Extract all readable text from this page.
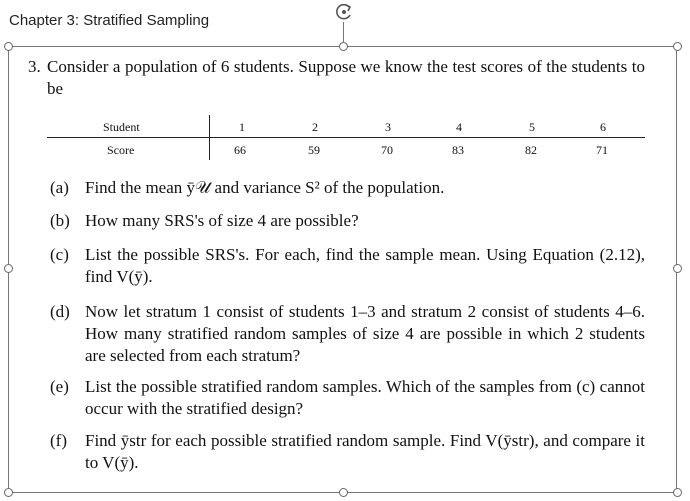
Chapter 3: Stratified Sampling
3. Consider a population of 6 students. Suppose we know the test scores of the students to be
Student	1	2	3	4	5	6
Score	66	59	70	83	82	71
(a) Find the mean ȳ𝒰 and variance S² of the population.
(b) How many SRS's of size 4 are possible?
(c) List the possible SRS's. For each, find the sample mean. Using Equation (2.12), find V(ȳ).
(d) Now let stratum 1 consist of students 1–3 and stratum 2 consist of students 4–6. How many stratified random samples of size 4 are possible in which 2 students are selected from each stratum?
(e) List the possible stratified random samples. Which of the samples from (c) cannot occur with the stratified design?
(f) Find ȳstr for each possible stratified random sample. Find V(ȳstr), and compare it to V(ȳ).
